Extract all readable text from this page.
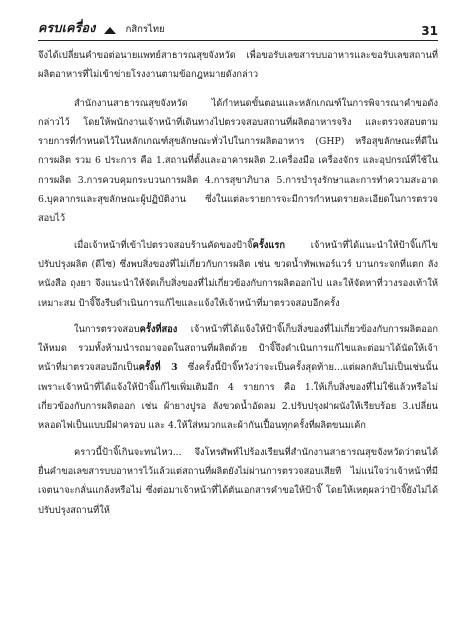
ครบเครื่อง	กสิกรไทย	31

จึงได้เปลี่ยนคำขอต่อนายแพทย์สาธารณสุขจังหวัด เพื่อขอรับเลขสารบบอาหารและขอรับเลขสถานที่ผลิตอาหารที่ไม่เข้าข่ายโรงงานตามข้อกฎหมายดังกล่าว

สำนักงานสาธารณสุขจังหวัด ได้กำหนดขั้นตอนและหลักเกณฑ์ในการพิจารณาคำขอดังกล่าวไว้ โดยให้พนักงานเจ้าหน้าที่เดินทางไปตรวจสอบสถานที่ผลิตอาหารจริง และตรวจสอบตามรายการที่กำหนดไว้ในหลักเกณฑ์สุขลักษณะทั่วไปในการผลิตอาหาร (GHP) หรือสุขลักษณะที่ดีในการผลิต รวม 6 ประการ คือ 1.สถานที่ตั้งและอาคารผลิต 2.เครื่องมือ เครื่องจักร และอุปกรณ์ที่ใช้ในการผลิต 3.การควบคุมกระบวนการผลิต 4.การสุขาภิบาล 5.การบำรุงรักษาและการทำความสะอาด 6.บุคลากรและสุขลักษณะผู้ปฏิบัติงาน ซึ่งในแต่ละรายการจะมีการกำหนดรายละเอียดในการตรวจสอบไว้

เมื่อเจ้าหน้าที่เข้าไปตรวจสอบร้านคัดของป้าจิ๊ครั้งแรก เจ้าหน้าที่ได้แนะนำให้ป้าจิ๊แก้ไขปรับปรุงผลิต (ดีไซ) ซึ่งพบสิ่งของที่ไม่เกี่ยวกับการผลิต เช่น ขวดน้ำทัพเพอร์แวร์ บานกระจกที่แตก ลังหนังสือ ถุงยา จึงแนะนำให้จัดเก็บสิ่งของที่ไม่เกี่ยวข้องกับการผลิตออกไป และให้จัดหาที่วางรองเท้าให้เหมาะสม ป้าจิ๊จึงรีบดำเนินการแก้ไขและแจ้งให้เจ้าหน้าที่มาตรวจสอบอีกครั้ง

ในการตรวจสอบครั้งที่สอง เจ้าหน้าที่ได้แจ้งให้ป้าจิ๊เก็บสิ่งของที่ไม่เกี่ยวข้องกับการผลิตออกให้หมด รวมทั้งห้ามนำรถมาจอดในสถานที่ผลิตด้วย ป้าจิ๊จึงดำเนินการแก้ไขและต่อมาได้นัดให้เจ้าหน้าที่มาตรวจสอบอีกเป็นครั้งที่ 3 ซึ่งครั้งนี้ป้าจิ๊หวังว่าจะเป็นครั้งสุดท้าย...แต่ผลกลับไม่เป็นเช่นนั้น เพราะเจ้าหน้าที่ได้แจ้งให้ป้าจิ๊แก้ไขเพิ่มเติมอีก 4 รายการ คือ 1.ให้เก็บสิ่งของที่ไม่ใช้แล้วหรือไม่เกี่ยวข้องกับการผลิตออก เช่น ผ้ายางปูรอ ลังขวดน้ำอัดลม 2.ปรับปรุงฝาผนังให้เรียบร้อย 3.เปลี่ยนหลอดไฟเป็นแบบมีฝาครอบ และ 4.ให้ใส่หมวกและผ้ากันเปื้อนทุกครั้งที่ผลิตขนมเค้ก

คราวนี้ป้าจิ๊เกินจะทนไหว... จึงโทรศัพท์ไปร้องเรียนที่สำนักงานสาธารณสุขจังหวัดว่าตนได้ยื่นคำขอเลขสารบบอาหารไว้แล้วแต่สถานที่ผลิตยังไม่ผ่านการตรวจสอบเสียที ไม่แน่ใจว่าเจ้าหน้าที่มีเจตนาจะกลั่นแกล้งหรือไม่ ซึ่งต่อมาเจ้าหน้าที่ได้ตันเอกสารคำขอให้ป้าจิ๊ โดยให้เหตุผลว่าป้าจิ๊ยังไม่ได้ปรับปรุงสถานที่ให้
